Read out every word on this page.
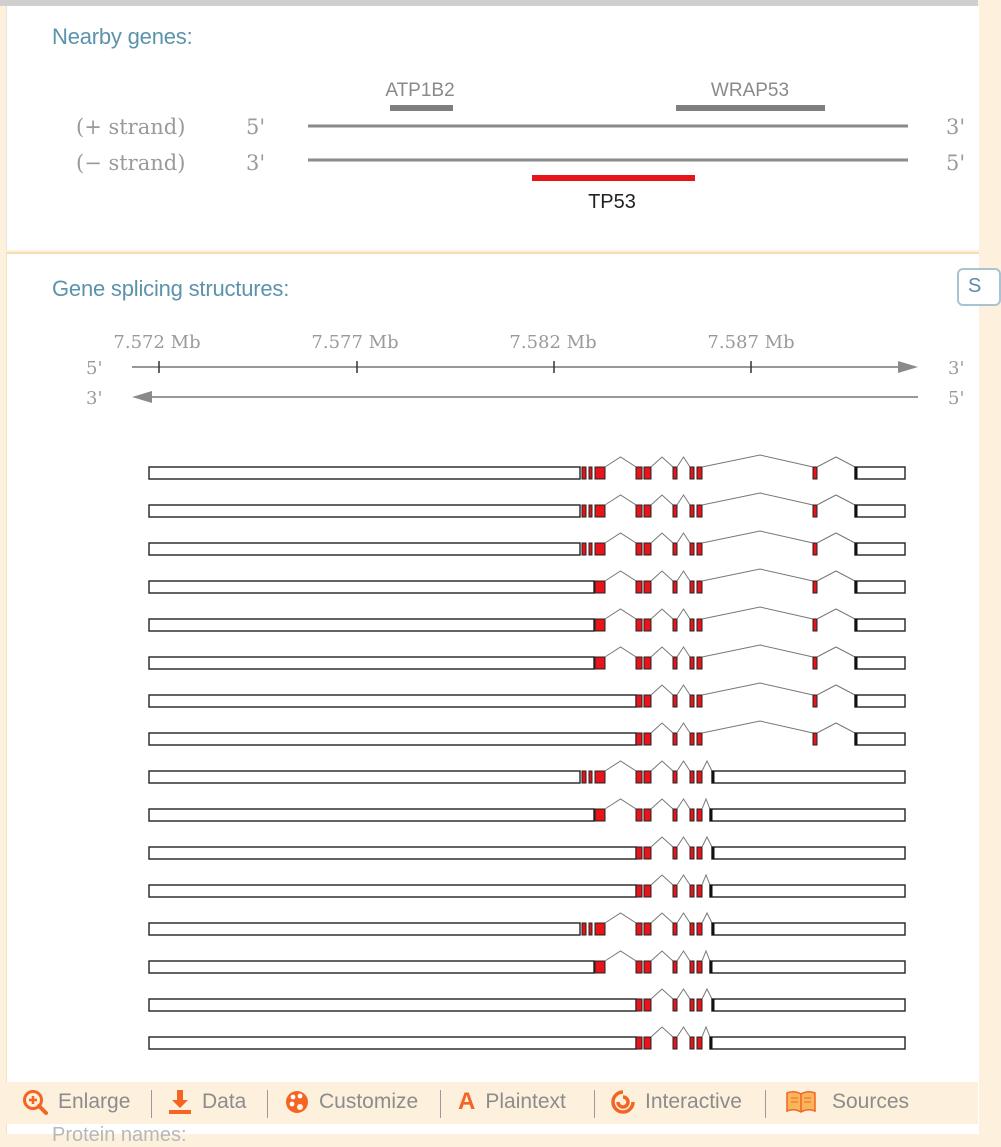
Nearby genes:
(+ strand)	5'	3'
(− strand)	3'	5'
ATP1B2	WRAP53
TP53
Gene splicing structures:	S
7.572 Mb	7.577 Mb	7.582 Mb	7.587 Mb
5'	3'
3'	5'
Enlarge	Data	Customize A Plaintext	Interactive	Sources
Protein names:
